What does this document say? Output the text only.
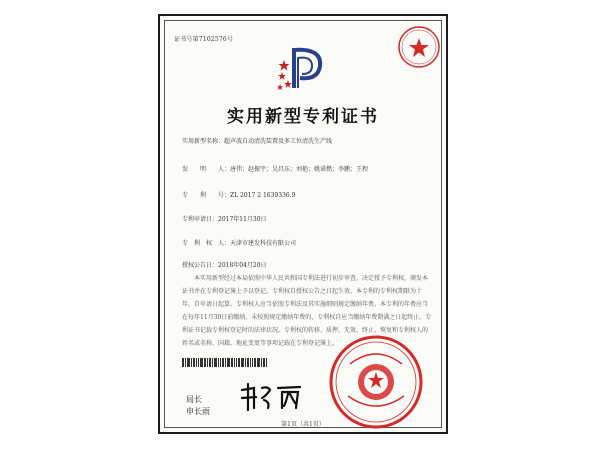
证书号第7102576号
实用新型专利证书
实用新型名称：超声波自动清洗装置及多工位清洗生产线
发　　明　　人：唐伟；赵振宇；吴昌东；刘艳；姚诺燃；李鹏；王程
专　　利　　号：ZL 2017 2 1639336.9
专利申请日：2017年11月30日
专　利　权　人：天津市建发科技有限公司
授权公告日：2018年04月20日
本实用新型经过本局依照中华人民共和国专利法进行初步审查，决定授予专利权，颁发本证书并在专利登记簿上予以登记。专利权自授权公告之日起生效。本专利的专利权期限为十年，自申请日起算。专利权人应当依照专利法及其实施细则规定缴纳年费。本专利的年费应当在每年11月30日前缴纳。未按照规定缴纳年费的，专利权自应当缴纳年费期满之日起终止。专利证书记载专利权登记时的法律状况。专利权的转移、质押、无效、终止、恢复和专利权人的姓名或名称、国籍、地址变更等事项记载在专利登记簿上。
局长
申长雨
第1页（共1页）
